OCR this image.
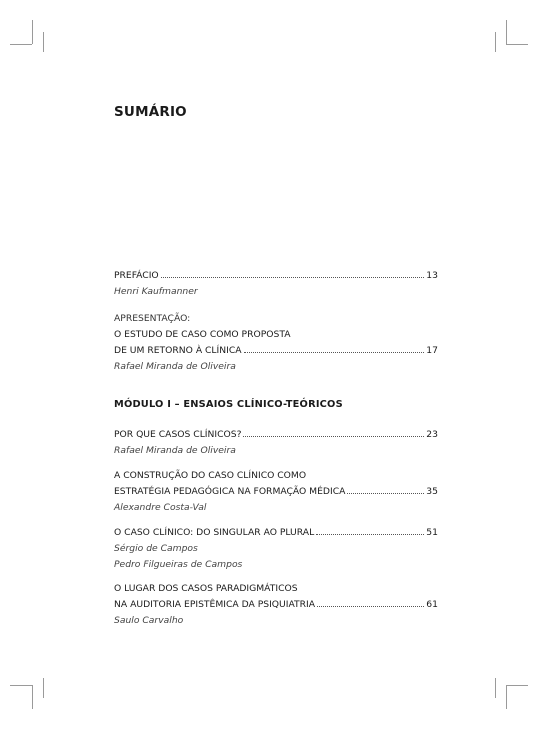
SUMÁRIO
PREFÁCIO	13
Henri Kaufmanner
APRESENTAÇÃO:
O ESTUDO DE CASO COMO PROPOSTA
DE UM RETORNO À CLÍNICA	17
Rafael Miranda de Oliveira
MÓDULO I – ENSAIOS CLÍNICO-TEÓRICOS
POR QUE CASOS CLÍNICOS?	23
Rafael Miranda de Oliveira
A CONSTRUÇÃO DO CASO CLÍNICO COMO
ESTRATÉGIA PEDAGÓGICA NA FORMAÇÃO MÉDICA	35
Alexandre Costa-Val
O CASO CLÍNICO: DO SINGULAR AO PLURAL	51
Sérgio de Campos
Pedro Filgueiras de Campos
O LUGAR DOS CASOS PARADIGMÁTICOS
NA AUDITORIA EPISTÊMICA DA PSIQUIATRIA	61
Saulo Carvalho
